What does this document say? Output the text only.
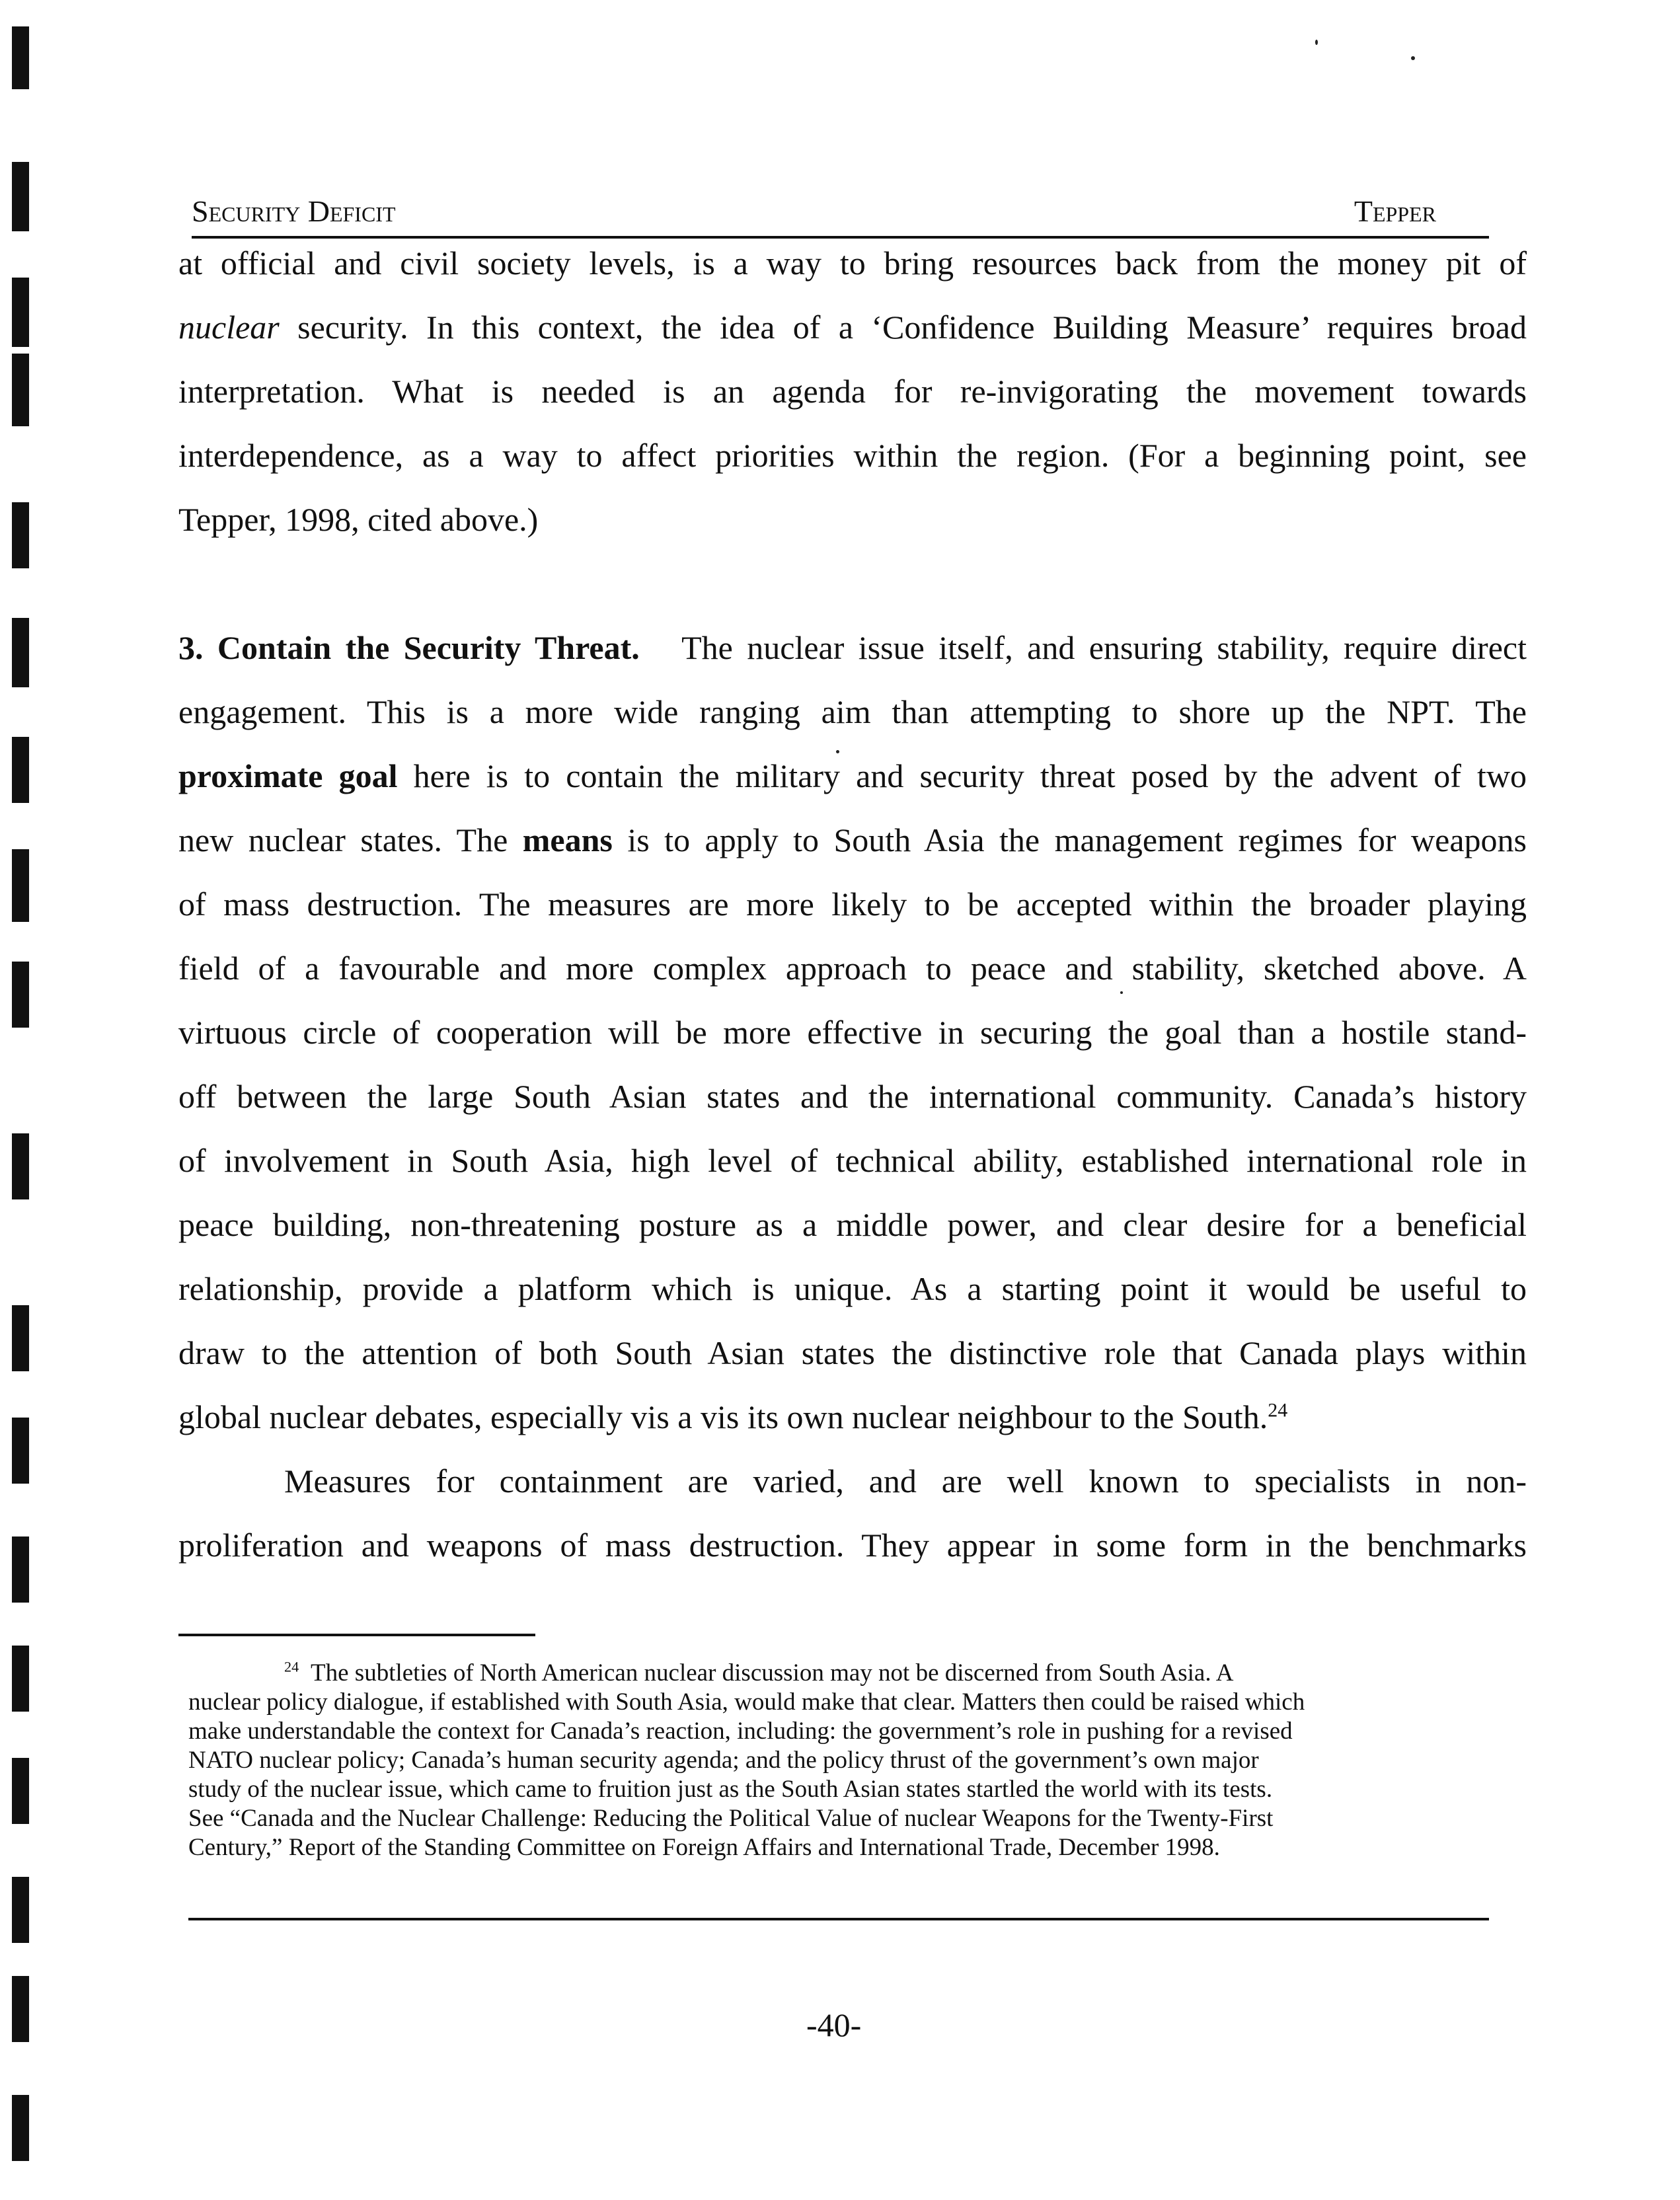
Security Deficit	Tepper
at official and civil society levels, is a way to bring resources back from the money pit of
nuclear security. In this context, the idea of a ‘Confidence Building Measure’ requires broad
interpretation. What is needed is an agenda for re-invigorating the movement towards
interdependence, as a way to affect priorities within the region. (For a beginning point, see
Tepper, 1998, cited above.)
3. Contain the Security Threat. The nuclear issue itself, and ensuring stability, require direct
engagement. This is a more wide ranging aim than attempting to shore up the NPT. The
proximate goal here is to contain the military and security threat posed by the advent of two
new nuclear states. The means is to apply to South Asia the management regimes for weapons
of mass destruction. The measures are more likely to be accepted within the broader playing
field of a favourable and more complex approach to peace and stability, sketched above. A
virtuous circle of cooperation will be more effective in securing the goal than a hostile stand-
off between the large South Asian states and the international community. Canada’s history
of involvement in South Asia, high level of technical ability, established international role in
peace building, non-threatening posture as a middle power, and clear desire for a beneficial
relationship, provide a platform which is unique. As a starting point it would be useful to
draw to the attention of both South Asian states the distinctive role that Canada plays within
global nuclear debates, especially vis a vis its own nuclear neighbour to the South.$^{24}$
Measures for containment are varied, and are well known to specialists in non-
proliferation and weapons of mass destruction. They appear in some form in the benchmarks
$^{24}$ The subtleties of North American nuclear discussion may not be discerned from South Asia. A
nuclear policy dialogue, if established with South Asia, would make that clear. Matters then could be raised which
make understandable the context for Canada’s reaction, including: the government’s role in pushing for a revised
NATO nuclear policy; Canada’s human security agenda; and the policy thrust of the government’s own major
study of the nuclear issue, which came to fruition just as the South Asian states startled the world with its tests.
See “Canada and the Nuclear Challenge: Reducing the Political Value of nuclear Weapons for the Twenty-First
Century,” Report of the Standing Committee on Foreign Affairs and International Trade, December 1998.
-40-
